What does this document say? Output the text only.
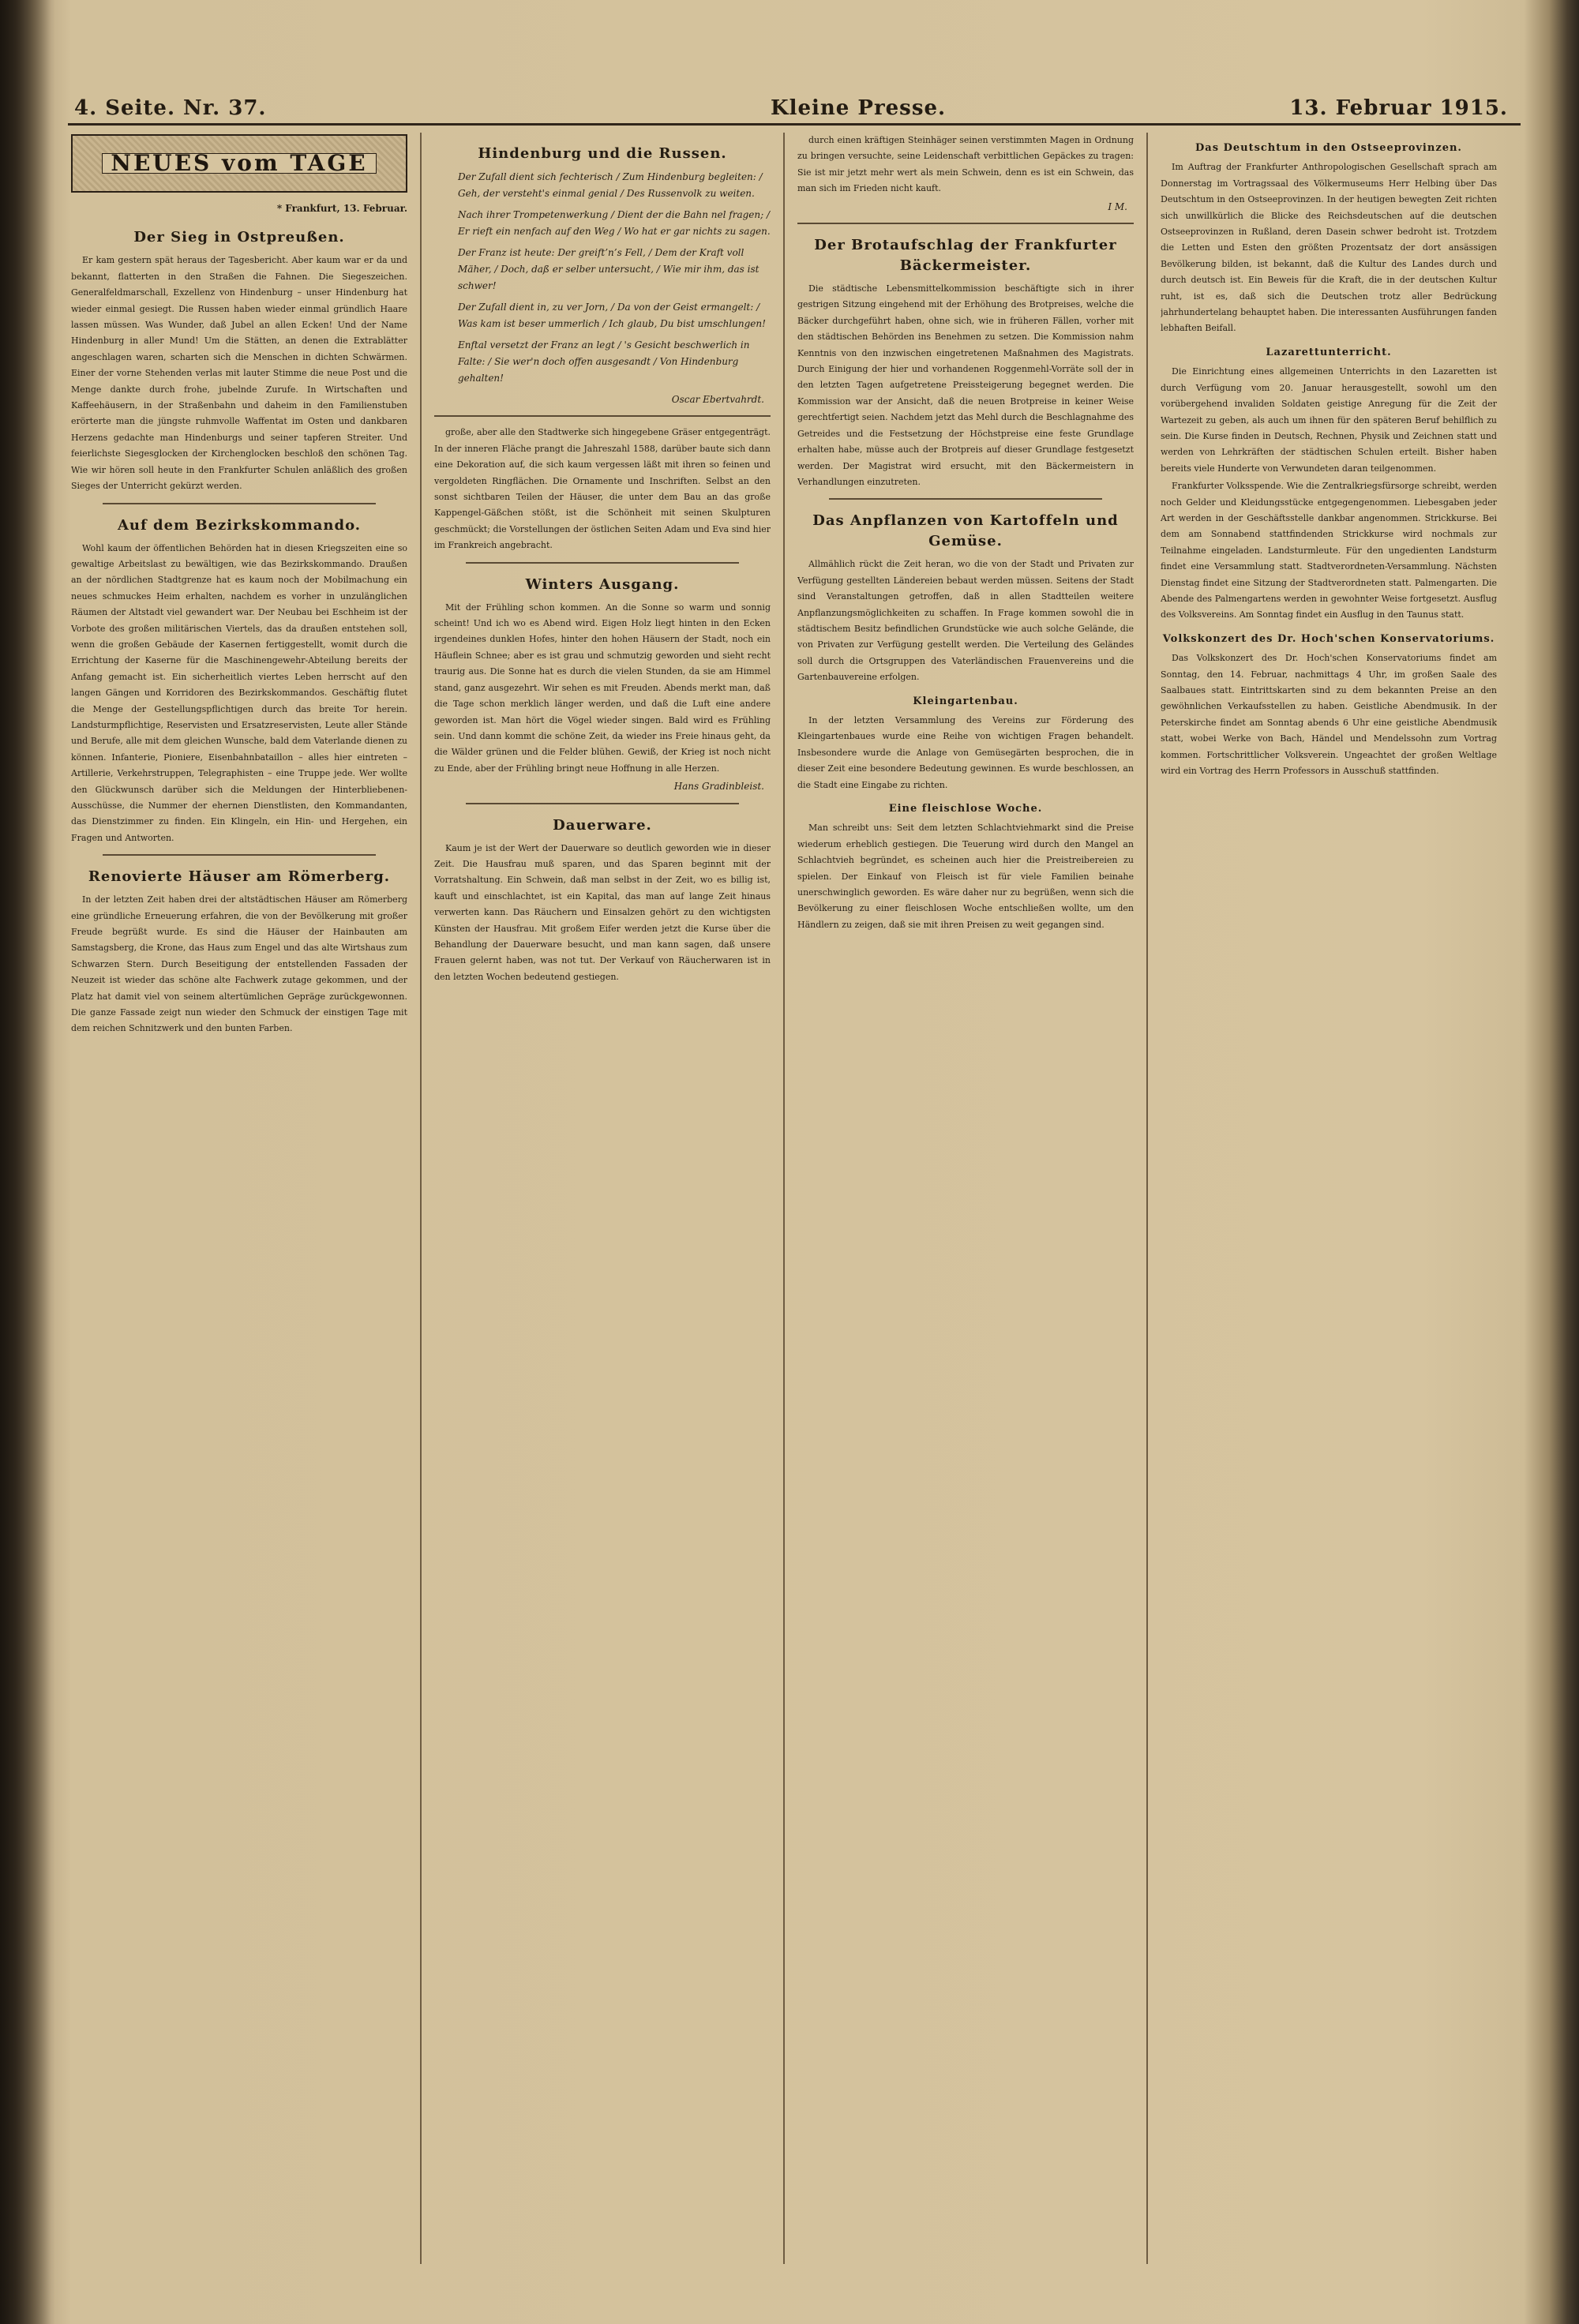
4. Seite. Nr. 37.	Kleine Presse.	13. Februar 1915.
NEUES vom TAGE
* Frankfurt, 13. Februar.
Der Sieg in Ostpreußen.

Er kam gestern spät heraus der Tagesbericht. Aber kaum war er da und bekannt, flatterten in den Straßen die Fahnen. Die Siegeszeichen. Generalfeldmarschall, Exzellenz von Hindenburg – unser Hindenburg hat wieder einmal gesiegt. Die Russen haben wieder einmal gründlich Haare lassen müssen. Was Wunder, daß Jubel an allen Ecken! Und der Name Hindenburg in aller Mund! Um die Stätten, an denen die Extrablätter angeschlagen waren, scharten sich die Menschen in dichten Schwärmen. Einer der vorne Stehenden verlas mit lauter Stimme die neue Post und die Menge dankte durch frohe, jubelnde Zurufe. In Wirtschaften und Kaffeehäusern, in der Straßenbahn und daheim in den Familienstuben erörterte man die jüngste ruhmvolle Waffentat im Osten und dankbaren Herzens gedachte man Hindenburgs und seiner tapferen Streiter. Und feierlichste Siegesglocken der Kirchenglocken beschloß den schönen Tag. Wie wir hören soll heute in den Frankfurter Schulen anläßlich des großen Sieges der Unterricht gekürzt werden.

Auf dem Bezirkskommando.

Wohl kaum der öffentlichen Behörden hat in diesen Kriegszeiten eine so gewaltige Arbeitslast zu bewältigen, wie das Bezirkskommando. Draußen an der nördlichen Stadtgrenze hat es kaum noch der Mobilmachung ein neues schmuckes Heim erhalten, nachdem es vorher in unzulänglichen Räumen der Altstadt viel gewandert war. Der Neubau bei Eschheim ist der Vorbote des großen militärischen Viertels, das da draußen entstehen soll, wenn die großen Gebäude der Kasernen fertiggestellt, womit durch die Errichtung der Kaserne für die Maschinengewehr-Abteilung bereits der Anfang gemacht ist. Ein sicherheitlich viertes Leben herrscht auf den langen Gängen und Korridoren des Bezirkskommandos. Geschäftig flutet die Menge der Gestellungspflichtigen durch das breite Tor herein. Landsturmpflichtige, Reservisten und Ersatzreservisten, Leute aller Stände und Berufe, alle mit dem gleichen Wunsche, bald dem Vaterlande dienen zu können. Infanterie, Pioniere, Eisenbahnbataillon – alles hier eintreten – Artillerie, Verkehrstruppen, Telegraphisten – eine Truppe jede. Wer wollte den Glückwunsch darüber sich die Meldungen der Hinterbliebenen-Ausschüsse, die Nummer der ehernen Dienstlisten, den Kommandanten, das Dienstzimmer zu finden. Ein Klingeln, ein Hin- und Hergehen, ein Fragen und Antworten.

Renovierte Häuser am Römerberg.

In der letzten Zeit haben drei der altstädtischen Häuser am Römerberg eine gründliche Erneuerung erfahren, die von der Bevölkerung mit großer Freude begrüßt wurde. Es sind die Häuser der Hainbauten am Samstagsberg, die Krone, das Haus zum Engel und das alte Wirtshaus zum Schwarzen Stern. Durch Beseitigung der entstellenden Fassaden der Neuzeit ist wieder das schöne alte Fachwerk zutage gekommen, und der Platz hat damit viel von seinem altertümlichen Gepräge zurückgewonnen. Die ganze Fassade zeigt nun wieder den Schmuck der einstigen Tage mit dem reichen Schnitzwerk und den bunten Farben.

Hindenburg und die Russen.
Der Zufall dient sich fechterisch / Zum Hindenburg begleiten: / Geh, der versteht's einmal genial / Des Russenvolk zu weiten.
Nach ihrer Trompetenwerkung / Dient der die Bahn nel fragen; / Er rieft ein nenfach auf den Weg / Wo hat er gar nichts zu sagen.
Der Franz ist heute: Der greift’n’s Fell, / Dem der Kraft voll Mäher, / Doch, daß er selber untersucht, / Wie mir ihm, das ist schwer!
Der Zufall dient in, zu ver Jorn, / Da von der Geist ermangelt: / Was kam ist beser ummerlich / Ich glaub, Du bist umschlungen!
Enftal versetzt der Franz an legt / 's Gesicht beschwerlich in Falte: / Sie wer'n doch offen ausgesandt / Von Hindenburg gehalten!
Oscar Ebertvahrdt.

große, aber alle den Stadtwerke sich hingegebene Gräser entgegenträgt. In der inneren Fläche prangt die Jahreszahl 1588, darüber baute sich dann eine Dekoration auf, die sich kaum vergessen läßt mit ihren so feinen und vergoldeten Ringflächen. Die Ornamente und Inschriften. Selbst an den sonst sichtbaren Teilen der Häuser, die unter dem Bau an das große Kappengel-Gäßchen stößt, ist die Schönheit mit seinen Skulpturen geschmückt; die Vorstellungen der östlichen Seiten Adam und Eva sind hier im Frankreich angebracht.

Winters Ausgang.

Mit der Frühling schon kommen. An die Sonne so warm und sonnig scheint! Und ich wo es Abend wird. Eigen Holz liegt hinten in den Ecken irgendeines dunklen Hofes, hinter den hohen Häusern der Stadt, noch ein Häuflein Schnee; aber es ist grau und schmutzig geworden und sieht recht traurig aus. Die Sonne hat es durch die vielen Stunden, da sie am Himmel stand, ganz ausgezehrt. Wir sehen es mit Freuden. Abends merkt man, daß die Tage schon merklich länger werden, und daß die Luft eine andere geworden ist. Man hört die Vögel wieder singen. Bald wird es Frühling sein. Und dann kommt die schöne Zeit, da wieder ins Freie hinaus geht, da die Wälder grünen und die Felder blühen. Gewiß, der Krieg ist noch nicht zu Ende, aber der Frühling bringt neue Hoffnung in alle Herzen.

Hans Gradinbleist.
Dauerware.

Kaum je ist der Wert der Dauerware so deutlich geworden wie in dieser Zeit. Die Hausfrau muß sparen, und das Sparen beginnt mit der Vorratshaltung. Ein Schwein, daß man selbst in der Zeit, wo es billig ist, kauft und einschlachtet, ist ein Kapital, das man auf lange Zeit hinaus verwerten kann. Das Räuchern und Einsalzen gehört zu den wichtigsten Künsten der Hausfrau. Mit großem Eifer werden jetzt die Kurse über die Behandlung der Dauerware besucht, und man kann sagen, daß unsere Frauen gelernt haben, was not tut. Der Verkauf von Räucherwaren ist in den letzten Wochen bedeutend gestiegen.

durch einen kräftigen Steinhäger seinen verstimmten Magen in Ordnung zu bringen versuchte, seine Leidenschaft verbittlichen Gepäckes zu tragen: Sie ist mir jetzt mehr wert als mein Schwein, denn es ist ein Schwein, das man sich im Frieden nicht kauft.

I M.
Der Brotaufschlag der Frankfurter Bäckermeister.

Die städtische Lebensmittelkommission beschäftigte sich in ihrer gestrigen Sitzung eingehend mit der Erhöhung des Brotpreises, welche die Bäcker durchgeführt haben, ohne sich, wie in früheren Fällen, vorher mit den städtischen Behörden ins Benehmen zu setzen. Die Kommission nahm Kenntnis von den inzwischen eingetretenen Maßnahmen des Magistrats. Durch Einigung der hier und vorhandenen Roggenmehl-Vorräte soll der in den letzten Tagen aufgetretene Preissteigerung begegnet werden. Die Kommission war der Ansicht, daß die neuen Brotpreise in keiner Weise gerechtfertigt seien. Nachdem jetzt das Mehl durch die Beschlagnahme des Getreides und die Festsetzung der Höchstpreise eine feste Grundlage erhalten habe, müsse auch der Brotpreis auf dieser Grundlage festgesetzt werden. Der Magistrat wird ersucht, mit den Bäckermeistern in Verhandlungen einzutreten.

Das Anpflanzen von Kartoffeln und Gemüse.

Allmählich rückt die Zeit heran, wo die von der Stadt und Privaten zur Verfügung gestellten Ländereien bebaut werden müssen. Seitens der Stadt sind Veranstaltungen getroffen, daß in allen Stadtteilen weitere Anpflanzungsmöglichkeiten zu schaffen. In Frage kommen sowohl die in städtischem Besitz befindlichen Grundstücke wie auch solche Gelände, die von Privaten zur Verfügung gestellt werden. Die Verteilung des Geländes soll durch die Ortsgruppen des Vaterländischen Frauenvereins und die Gartenbauvereine erfolgen.

Kleingartenbau.

In der letzten Versammlung des Vereins zur Förderung des Kleingartenbaues wurde eine Reihe von wichtigen Fragen behandelt. Insbesondere wurde die Anlage von Gemüsegärten besprochen, die in dieser Zeit eine besondere Bedeutung gewinnen. Es wurde beschlossen, an die Stadt eine Eingabe zu richten.

Eine fleischlose Woche.

Man schreibt uns: Seit dem letzten Schlachtviehmarkt sind die Preise wiederum erheblich gestiegen. Die Teuerung wird durch den Mangel an Schlachtvieh begründet, es scheinen auch hier die Preistreibereien zu spielen. Der Einkauf von Fleisch ist für viele Familien beinahe unerschwinglich geworden. Es wäre daher nur zu begrüßen, wenn sich die Bevölkerung zu einer fleischlosen Woche entschließen wollte, um den Händlern zu zeigen, daß sie mit ihren Preisen zu weit gegangen sind.

Das Deutschtum in den Ostseeprovinzen.

Im Auftrag der Frankfurter Anthropologischen Gesellschaft sprach am Donnerstag im Vortragssaal des Völkermuseums Herr Helbing über Das Deutschtum in den Ostseeprovinzen. In der heutigen bewegten Zeit richten sich unwillkürlich die Blicke des Reichsdeutschen auf die deutschen Ostseeprovinzen in Rußland, deren Dasein schwer bedroht ist. Trotzdem die Letten und Esten den größten Prozentsatz der dort ansässigen Bevölkerung bilden, ist bekannt, daß die Kultur des Landes durch und durch deutsch ist. Ein Beweis für die Kraft, die in der deutschen Kultur ruht, ist es, daß sich die Deutschen trotz aller Bedrückung jahrhundertelang behauptet haben. Die interessanten Ausführungen fanden lebhaften Beifall.

Lazarettunterricht.

Die Einrichtung eines allgemeinen Unterrichts in den Lazaretten ist durch Verfügung vom 20. Januar herausgestellt, sowohl um den vorübergehend invaliden Soldaten geistige Anregung für die Zeit der Wartezeit zu geben, als auch um ihnen für den späteren Beruf behilflich zu sein. Die Kurse finden in Deutsch, Rechnen, Physik und Zeichnen statt und werden von Lehrkräften der städtischen Schulen erteilt. Bisher haben bereits viele Hunderte von Verwundeten daran teilgenommen.

Frankfurter Volksspende. Wie die Zentralkriegsfürsorge schreibt, werden noch Gelder und Kleidungsstücke entgegengenommen. Liebesgaben jeder Art werden in der Geschäftsstelle dankbar angenommen. Strickkurse. Bei dem am Sonnabend stattfindenden Strickkurse wird nochmals zur Teilnahme eingeladen. Landsturmleute. Für den ungedienten Landsturm findet eine Versammlung statt. Stadtverordneten-Versammlung. Nächsten Dienstag findet eine Sitzung der Stadtverordneten statt. Palmengarten. Die Abende des Palmengartens werden in gewohnter Weise fortgesetzt. Ausflug des Volksvereins. Am Sonntag findet ein Ausflug in den Taunus statt.

Volkskonzert des Dr. Hoch'schen Konservatoriums.

Das Volkskonzert des Dr. Hoch'schen Konservatoriums findet am Sonntag, den 14. Februar, nachmittags 4 Uhr, im großen Saale des Saalbaues statt. Eintrittskarten sind zu dem bekannten Preise an den gewöhnlichen Verkaufsstellen zu haben. Geistliche Abendmusik. In der Peterskirche findet am Sonntag abends 6 Uhr eine geistliche Abendmusik statt, wobei Werke von Bach, Händel und Mendelssohn zum Vortrag kommen. Fortschrittlicher Volksverein. Ungeachtet der großen Weltlage wird ein Vortrag des Herrn Professors in Ausschuß stattfinden.
